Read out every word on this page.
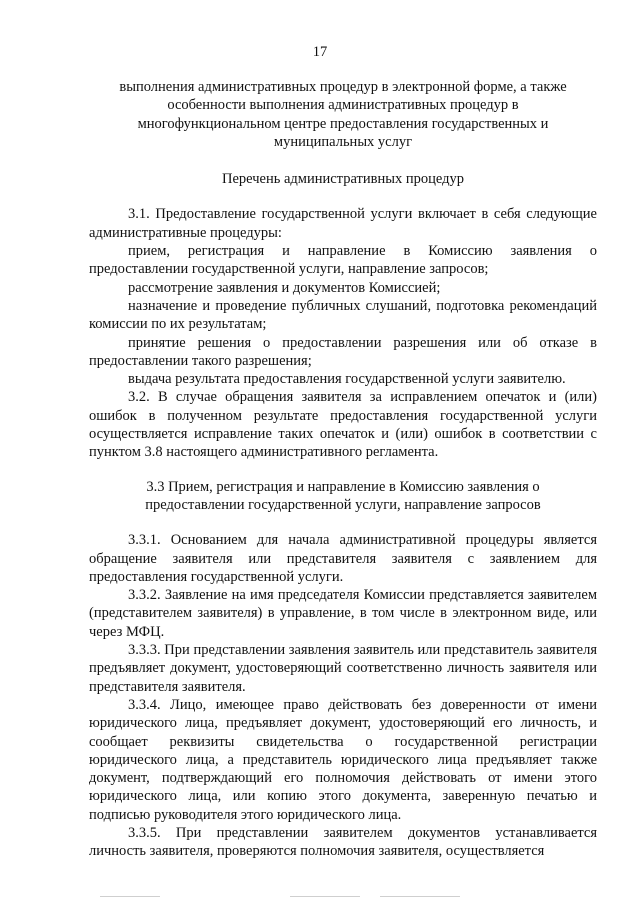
17
выполнения административных процедур в электронной форме, а также
особенности выполнения административных процедур в
многофункциональном центре предоставления государственных и
муниципальных услуг
Перечень административных процедур

3.1. Предоставление государственной услуги включает в себя следующие административные процедуры:

прием, регистрация и направление в Комиссию заявления о предоставлении государственной услуги, направление запросов;

рассмотрение заявления и документов Комиссией;

назначение и проведение публичных слушаний, подготовка рекомендаций комиссии по их результатам;

принятие решения о предоставлении разрешения или об отказе в предоставлении такого разрешения;

выдача результата предоставления государственной услуги заявителю.

3.2. В случае обращения заявителя за исправлением опечаток и (или) ошибок в полученном результате предоставления государственной услуги осуществляется исправление таких опечаток и (или) ошибок в соответствии с пунктом 3.8 настоящего административного регламента.

3.3 Прием, регистрация и направление в Комиссию заявления о
предоставлении государственной услуги, направление запросов

3.3.1. Основанием для начала административной процедуры является обращение заявителя или представителя заявителя с заявлением для предоставления государственной услуги.

3.3.2. Заявление на имя председателя Комиссии представляется заявителем (представителем заявителя) в управление, в том числе в электронном виде, или через МФЦ.

3.3.3. При представлении заявления заявитель или представитель заявителя предъявляет документ, удостоверяющий соответственно личность заявителя или представителя заявителя.

3.3.4. Лицо, имеющее право действовать без доверенности от имени юридического лица, предъявляет документ, удостоверяющий его личность, и сообщает реквизиты свидетельства о государственной регистрации юридического лица, а представитель юридического лица предъявляет также документ, подтверждающий его полномочия действовать от имени этого юридического лица, или копию этого документа, заверенную печатью и подписью руководителя этого юридического лица.

3.3.5. При представлении заявителем документов устанавливается личность заявителя, проверяются полномочия заявителя, осуществляется
